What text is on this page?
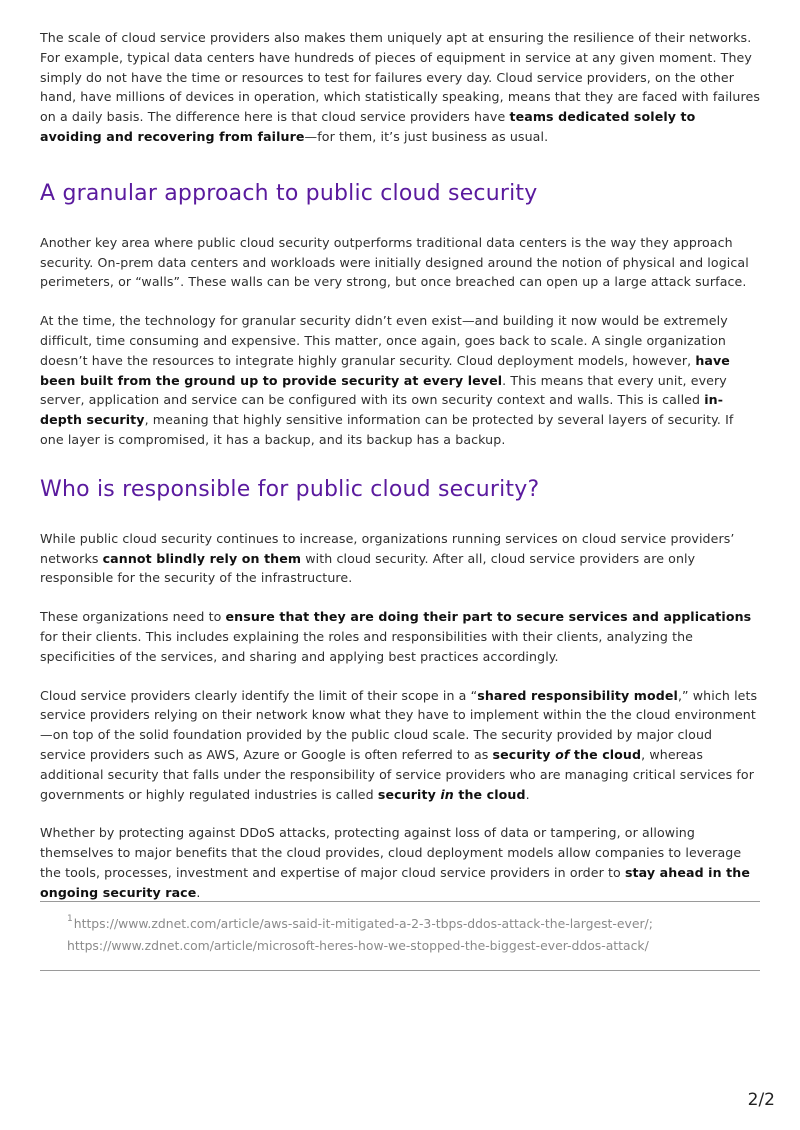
The scale of cloud service providers also makes them uniquely apt at ensuring the resilience of their networks. For example, typical data centers have hundreds of pieces of equipment in service at any given moment. They simply do not have the time or resources to test for failures every day. Cloud service providers, on the other hand, have millions of devices in operation, which statistically speaking, means that they are faced with failures on a daily basis. The difference here is that cloud service providers have teams dedicated solely to avoiding and recovering from failure—for them, it’s just business as usual.

A granular approach to public cloud security

Another key area where public cloud security outperforms traditional data centers is the way they approach security. On-prem data centers and workloads were initially designed around the notion of physical and logical perimeters, or “walls”. These walls can be very strong, but once breached can open up a large attack surface.

At the time, the technology for granular security didn’t even exist—and building it now would be extremely difficult, time consuming and expensive. This matter, once again, goes back to scale. A single organization doesn’t have the resources to integrate highly granular security. Cloud deployment models, however, have been built from the ground up to provide security at every level. This means that every unit, every server, application and service can be configured with its own security context and walls. This is called in-depth security, meaning that highly sensitive information can be protected by several layers of security. If one layer is compromised, it has a backup, and its backup has a backup.

Who is responsible for public cloud security?

While public cloud security continues to increase, organizations running services on cloud service providers’ networks cannot blindly rely on them with cloud security. After all, cloud service providers are only responsible for the security of the infrastructure.

These organizations need to ensure that they are doing their part to secure services and applications for their clients. This includes explaining the roles and responsibilities with their clients, analyzing the specificities of the services, and sharing and applying best practices accordingly.

Cloud service providers clearly identify the limit of their scope in a “shared responsibility model,” which lets service providers relying on their network know what they have to implement within the the cloud environment—on top of the solid foundation provided by the public cloud scale. The security provided by major cloud service providers such as AWS, Azure or Google is often referred to as security of the cloud, whereas additional security that falls under the responsibility of service providers who are managing critical services for governments or highly regulated industries is called security in the cloud.

Whether by protecting against DDoS attacks, protecting against loss of data or tampering, or allowing themselves to major benefits that the cloud provides, cloud deployment models allow companies to leverage the tools, processes, investment and expertise of major cloud service providers in order to stay ahead in the ongoing security race.

$^1$https://www.zdnet.com/article/aws-said-it-mitigated-a-2-3-tbps-ddos-attack-the-largest-ever/;
https://www.zdnet.com/article/microsoft-heres-how-we-stopped-the-biggest-ever-ddos-attack/
2/2
